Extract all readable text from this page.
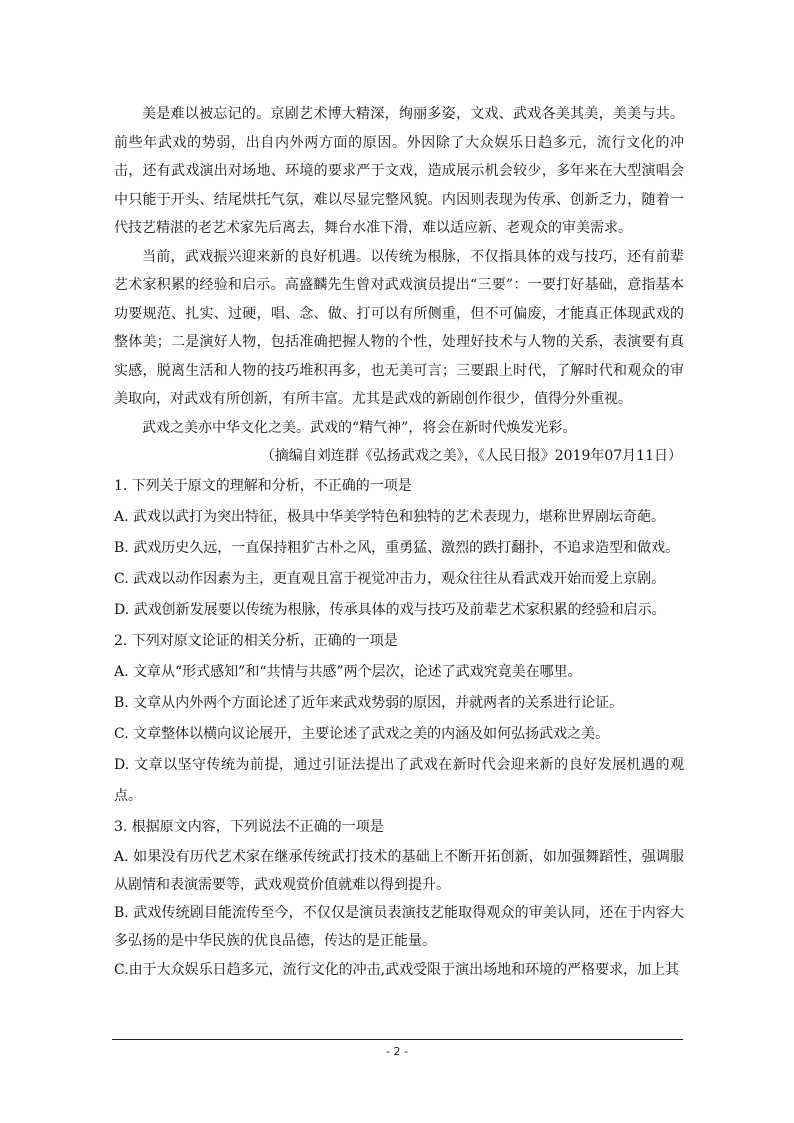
美是难以被忘记的。京剧艺术博大精深，绚丽多姿，文戏、武戏各美其美，美美与共。前些年武戏的势弱，出自内外两方面的原因。外因除了大众娱乐日趋多元，流行文化的冲击，还有武戏演出对场地、环境的要求严于文戏，造成展示机会较少，多年来在大型演唱会中只能于开头、结尾烘托气氛，难以尽显完整风貌。内因则表现为传承、创新乏力，随着一代技艺精湛的老艺术家先后离去，舞台水准下滑，难以适应新、老观众的审美需求。

当前，武戏振兴迎来新的良好机遇。以传统为根脉，不仅指具体的戏与技巧，还有前辈艺术家积累的经验和启示。高盛麟先生曾对武戏演员提出“三要”：一要打好基础，意指基本功要规范、扎实、过硬，唱、念、做、打可以有所侧重，但不可偏废，才能真正体现武戏的整体美；二是演好人物，包括准确把握人物的个性，处理好技术与人物的关系，表演要有真实感，脱离生活和人物的技巧堆积再多，也无美可言；三要跟上时代，了解时代和观众的审美取向，对武戏有所创新，有所丰富。尤其是武戏的新剧创作很少，值得分外重视。

武戏之美亦中华文化之美。武戏的“精气神”，将会在新时代焕发光彩。

（摘编自刘连群《弘扬武戏之美》，《人民日报》2019年07月11日）

1. 下列关于原文的理解和分析，不正确的一项是

A. 武戏以武打为突出特征，极具中华美学特色和独特的艺术表现力，堪称世界剧坛奇葩。

B. 武戏历史久远，一直保持粗犷古朴之风，重勇猛、激烈的跌打翻扑，不追求造型和做戏。

C. 武戏以动作因素为主，更直观且富于视觉冲击力，观众往往从看武戏开始而爱上京剧。

D. 武戏创新发展要以传统为根脉，传承具体的戏与技巧及前辈艺术家积累的经验和启示。

2. 下列对原文论证的相关分析，正确的一项是

A. 文章从“形式感知”和“共情与共感”两个层次，论述了武戏究竟美在哪里。

B. 文章从内外两个方面论述了近年来武戏势弱的原因，并就两者的关系进行论证。

C. 文章整体以横向议论展开，主要论述了武戏之美的内涵及如何弘扬武戏之美。

D. 文章以坚守传统为前提，通过引证法提出了武戏在新时代会迎来新的良好发展机遇的观点。

3. 根据原文内容，下列说法不正确的一项是

A. 如果没有历代艺术家在继承传统武打技术的基础上不断开拓创新，如加强舞蹈性，强调服从剧情和表演需要等，武戏观赏价值就难以得到提升。

B. 武戏传统剧目能流传至今，不仅仅是演员表演技艺能取得观众的审美认同，还在于内容大多弘扬的是中华民族的优良品德，传达的是正能量。

C.由于大众娱乐日趋多元，流行文化的冲击,武戏受限于演出场地和环境的严格要求，加上其

- 2 -
